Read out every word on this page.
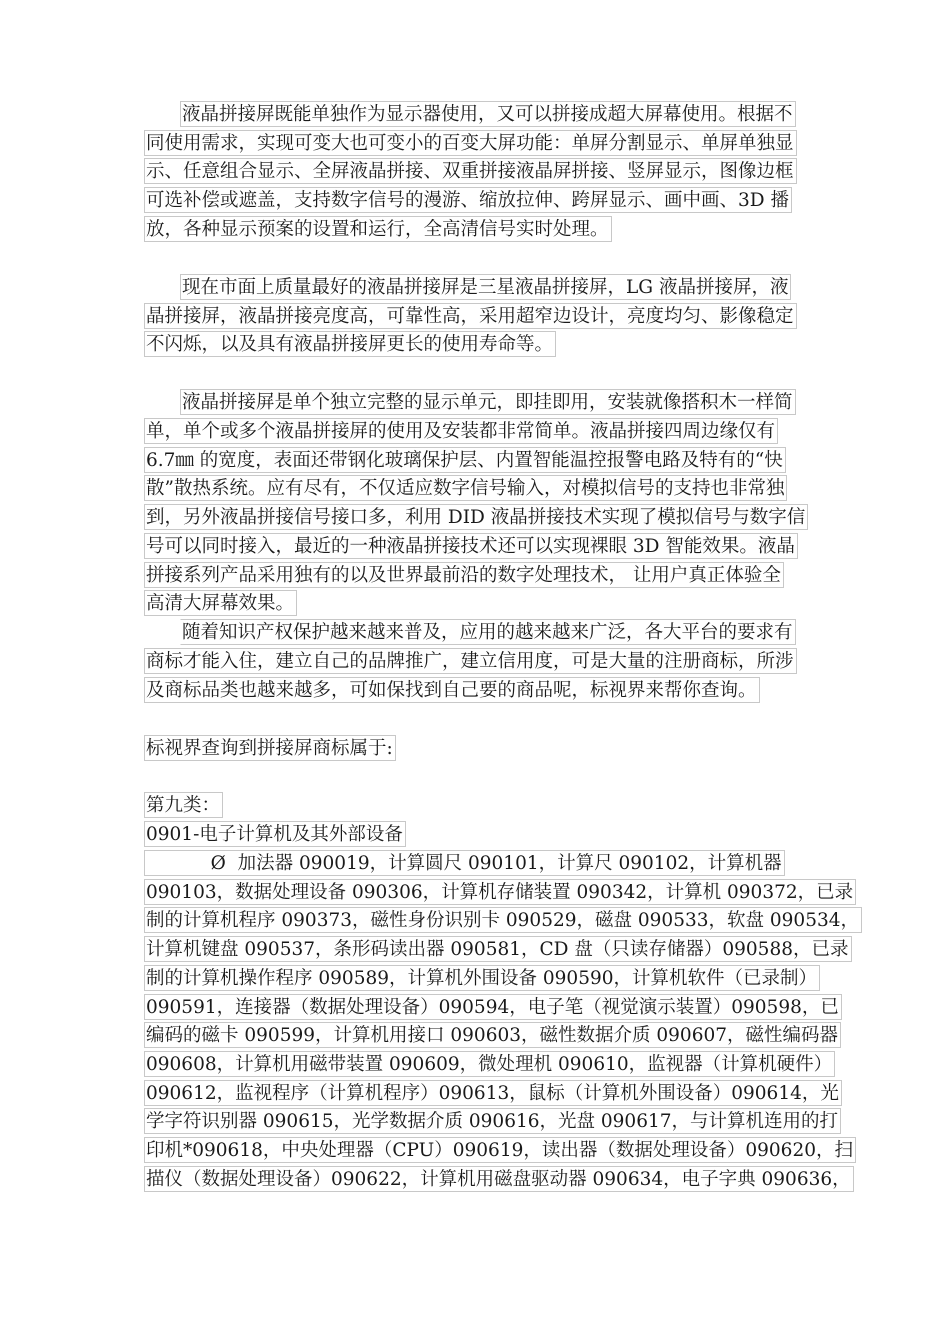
液晶拼接屏既能单独作为显示器使用，又可以拼接成超大屏幕使用。根据不
同使用需求，实现可变大也可变小的百变大屏功能：单屏分割显示、单屏单独显
示、任意组合显示、全屏液晶拼接、双重拼接液晶屏拼接、竖屏显示，图像边框
可选补偿或遮盖，支持数字信号的漫游、缩放拉伸、跨屏显示、画中画、3D 播
放，各种显示预案的设置和运行，全高清信号实时处理。
现在市面上质量最好的液晶拼接屏是三星液晶拼接屏，LG 液晶拼接屏，液
晶拼接屏，液晶拼接亮度高，可靠性高，采用超窄边设计，亮度均匀、影像稳定
不闪烁，以及具有液晶拼接屏更长的使用寿命等。
液晶拼接屏是单个独立完整的显示单元，即挂即用，安装就像搭积木一样简
单，单个或多个液晶拼接屏的使用及安装都非常简单。液晶拼接四周边缘仅有
6.7㎜ 的宽度，表面还带钢化玻璃保护层、内置智能温控报警电路及特有的“快
散”散热系统。应有尽有，不仅适应数字信号输入，对模拟信号的支持也非常独
到，另外液晶拼接信号接口多，利用 DID 液晶拼接技术实现了模拟信号与数字信
号可以同时接入，最近的一种液晶拼接技术还可以实现裸眼 3D 智能效果。液晶
拼接系列产品采用独有的以及世界最前沿的数字处理技术， 让用户真正体验全
高清大屏幕效果。
随着知识产权保护越来越来普及，应用的越来越来广泛，各大平台的要求有
商标才能入住，建立自己的品牌推广，建立信用度，可是大量的注册商标，所涉
及商标品类也越来越多，可如保找到自己要的商品呢，标视界来帮你查询。
标视界查询到拼接屏商标属于:
第九类：
0901-电子计算机及其外部设备
Ø  加法器 090019，计算圆尺 090101，计算尺 090102，计算机器
090103，数据处理设备 090306，计算机存储装置 090342，计算机 090372，已录
制的计算机程序 090373，磁性身份识别卡 090529，磁盘 090533，软盘 090534，
计算机键盘 090537，条形码读出器 090581，CD 盘（只读存储器）090588，已录
制的计算机操作程序 090589，计算机外围设备 090590，计算机软件（已录制）
090591，连接器（数据处理设备）090594，电子笔（视觉演示装置）090598，已
编码的磁卡 090599，计算机用接口 090603，磁性数据介质 090607，磁性编码器
090608，计算机用磁带装置 090609，微处理机 090610，监视器（计算机硬件）
090612，监视程序（计算机程序）090613，鼠标（计算机外围设备）090614，光
学字符识别器 090615，光学数据介质 090616，光盘 090617，与计算机连用的打
印机*090618，中央处理器（CPU）090619，读出器（数据处理设备）090620，扫
描仪（数据处理设备）090622，计算机用磁盘驱动器 090634，电子字典 090636，
